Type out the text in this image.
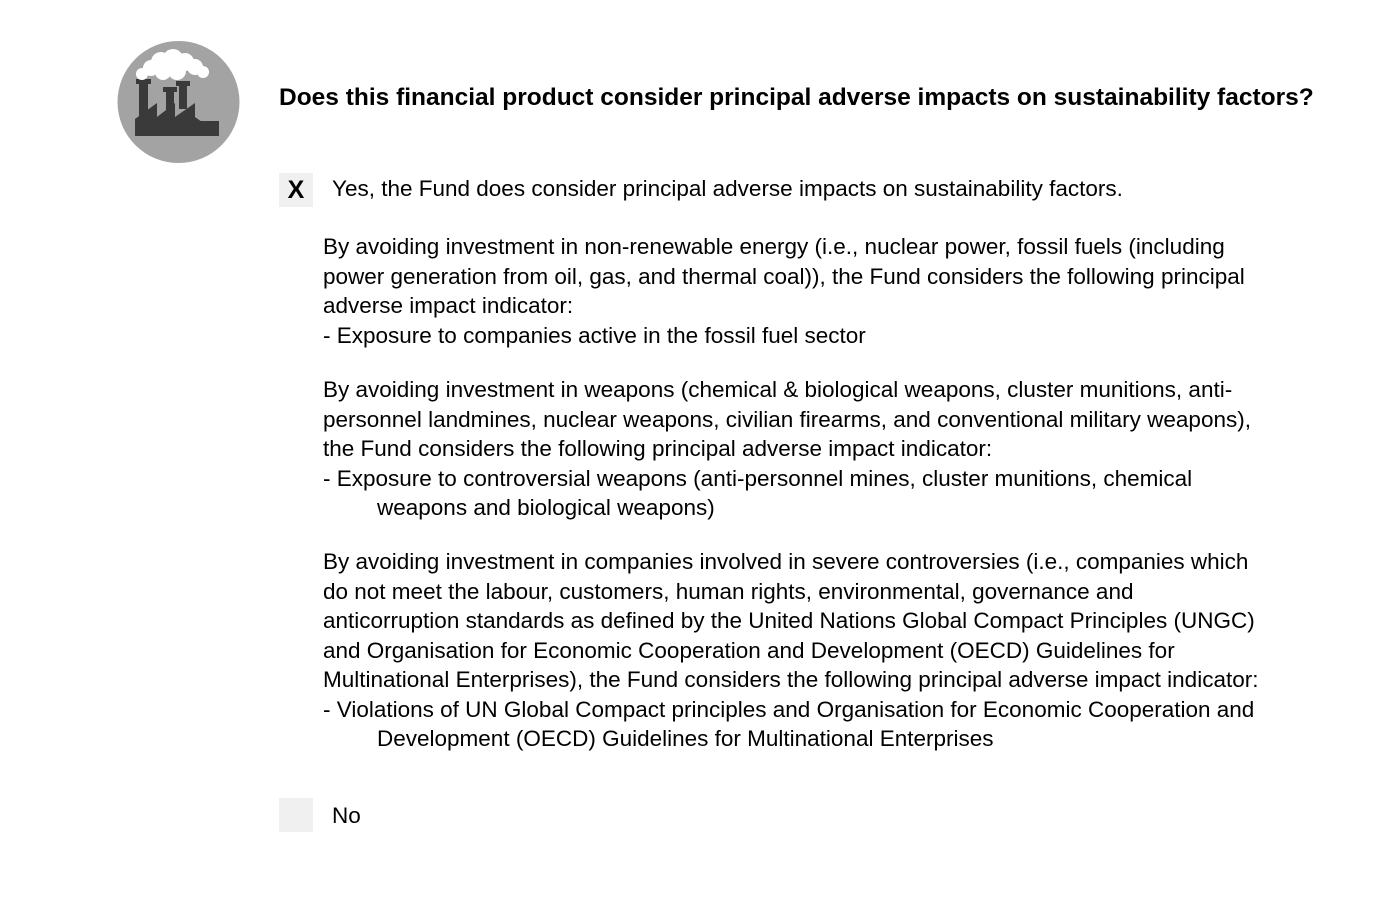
Does this financial product consider principal adverse impacts on sustainability factors?
X	Yes, the Fund does consider principal adverse impacts on sustainability factors.

By avoiding investment in non-renewable energy (i.e., nuclear power, fossil fuels (including

power generation from oil, gas, and thermal coal)), the Fund considers the following principal

adverse impact indicator:

- Exposure to companies active in the fossil fuel sector

By avoiding investment in weapons (chemical & biological weapons, cluster munitions, anti-

personnel landmines, nuclear weapons, civilian firearms, and conventional military weapons),

the Fund considers the following principal adverse impact indicator:

- Exposure to controversial weapons (anti-personnel mines, cluster munitions, chemical

weapons and biological weapons)

By avoiding investment in companies involved in severe controversies (i.e., companies which

do not meet the labour, customers, human rights, environmental, governance and

anticorruption standards as defined by the United Nations Global Compact Principles (UNGC)

and Organisation for Economic Cooperation and Development (OECD) Guidelines for

Multinational Enterprises), the Fund considers the following principal adverse impact indicator:

- Violations of UN Global Compact principles and Organisation for Economic Cooperation and

Development (OECD) Guidelines for Multinational Enterprises

No
